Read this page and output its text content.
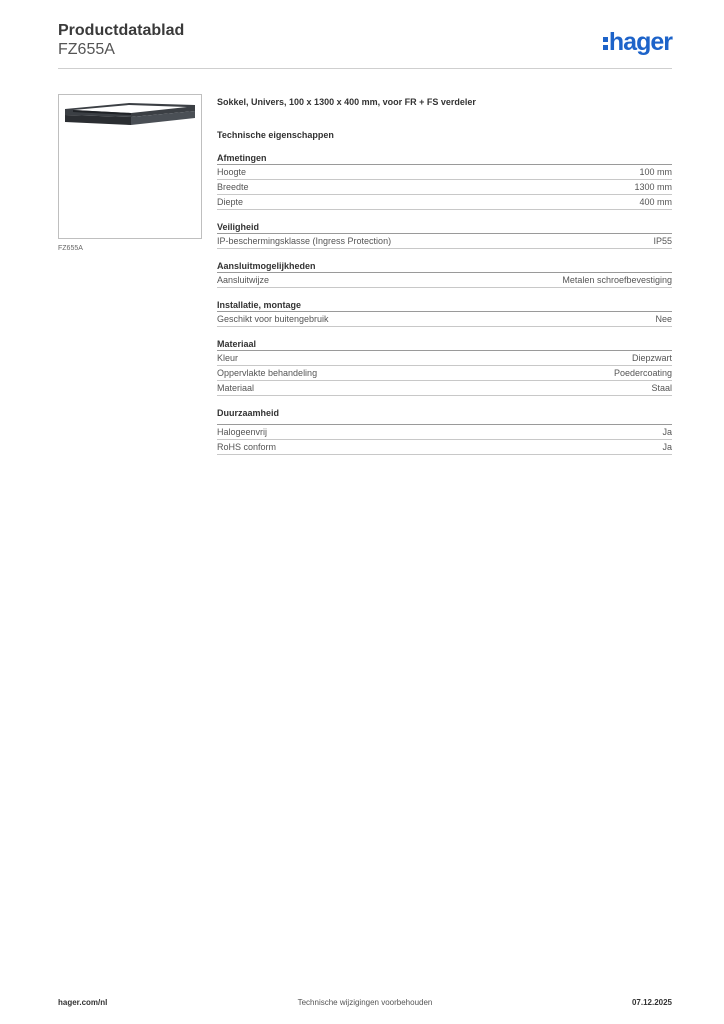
Productdatablad
FZ655A	hager
FZ655A
Sokkel, Univers, 100 x 1300 x 400 mm, voor FR + FS verdeler
Technische eigenschappen
Afmetingen
Hoogte	100 mm
Breedte	1300 mm
Diepte	400 mm
Veiligheid
IP-beschermingsklasse (Ingress Protection)	IP55
Aansluitmogelijkheden
Aansluitwijze	Metalen schroefbevestiging
Installatie, montage
Geschikt voor buitengebruik	Nee
Materiaal
Kleur	Diepzwart
Oppervlakte behandeling	Poedercoating
Materiaal	Staal
Duurzaamheid
Halogeenvrij	Ja
RoHS conform	Ja
hager.com/nl	Technische wijzigingen voorbehouden	07.12.2025
